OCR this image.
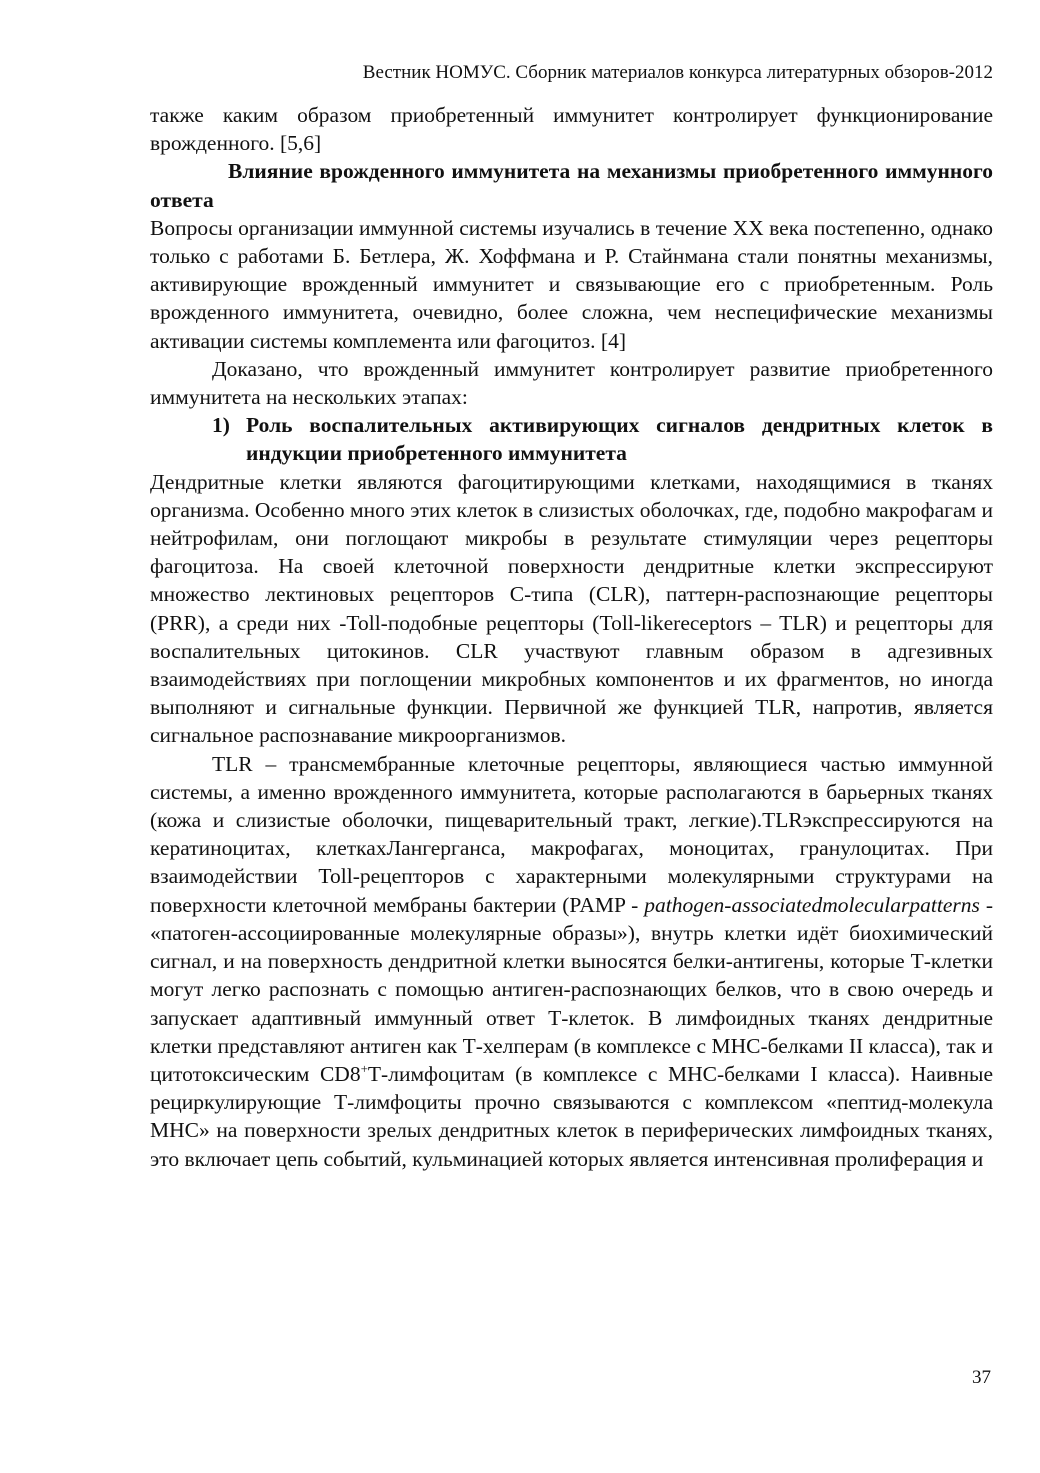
Вестник НОМУС. Сборник материалов конкурса литературных обзоров-2012

также каким образом приобретенный иммунитет контролирует функционирование врожденного. [5,6]

Влияние врожденного иммунитета на механизмы приобретенного иммунного ответа

Вопросы организации иммунной системы изучались в течение XX века постепенно, однако только с работами Б. Бетлера, Ж. Хоффмана и Р. Стайнмана стали понятны механизмы, активирующие врожденный иммунитет и связывающие его с приобретенным. Роль врожденного иммунитета, очевидно, более сложна, чем неспецифические механизмы активации системы комплемента или фагоцитоз. [4]

Доказано, что врожденный иммунитет контролирует развитие приобретенного иммунитета на нескольких этапах:

1) Роль воспалительных активирующих сигналов дендритных клеток в индукции приобретенного иммунитета

Дендритные клетки являются фагоцитирующими клетками, находящимися в тканях организма. Особенно много этих клеток в слизистых оболочках, где, подобно макрофагам и нейтрофилам, они поглощают микробы в результате стимуляции через рецепторы фагоцитоза. На своей клеточной поверхности дендритные клетки экспрессируют множество лектиновых рецепторов С-типа (CLR), паттерн-распознающие рецепторы (PRR), а среди них -Toll-подобные рецепторы (Toll-likereceptors – TLR) и рецепторы для воспалительных цитокинов. CLR участвуют главным образом в адгезивных взаимодействиях при поглощении микробных компонентов и их фрагментов, но иногда выполняют и сигнальные функции. Первичной же функцией TLR, напротив, является сигнальное распознавание микроорганизмов.

TLR – трансмембранные клеточные рецепторы, являющиеся частью иммунной системы, а именно врожденного иммунитета, которые располагаются в барьерных тканях (кожа и слизистые оболочки, пищеварительный тракт, легкие).TLRэкспрессируются на кератиноцитах, клеткахЛангерганса, макрофагах, моноцитах, гранулоцитах. При взаимодействии Toll-рецепторов с характерными молекулярными структурами на поверхности клеточной мембраны бактерии (PAMP - pathogen-associatedmolecularpatterns - «патоген-ассоциированные молекулярные образы»), внутрь клетки идёт биохимический сигнал, и на поверхность дендритной клетки выносятся белки-антигены, которые Т-клетки могут легко распознать с помощью антиген-распознающих белков, что в свою очередь и запускает адаптивный иммунный ответ Т-клеток. В лимфоидных тканях дендритные клетки представляют антиген как Т-хелперам (в комплексе с MHC-белками II класса), так и цитотоксическим CD8+Т-лимфоцитам (в комплексе с MHC-белками I класса). Наивные рециркулирующие Т-лимфоциты прочно связываются с комплексом «пептид-молекула MHC» на поверхности зрелых дендритных клеток в периферических лимфоидных тканях, это включает цепь событий, кульминацией которых является интенсивная пролиферация и

37
